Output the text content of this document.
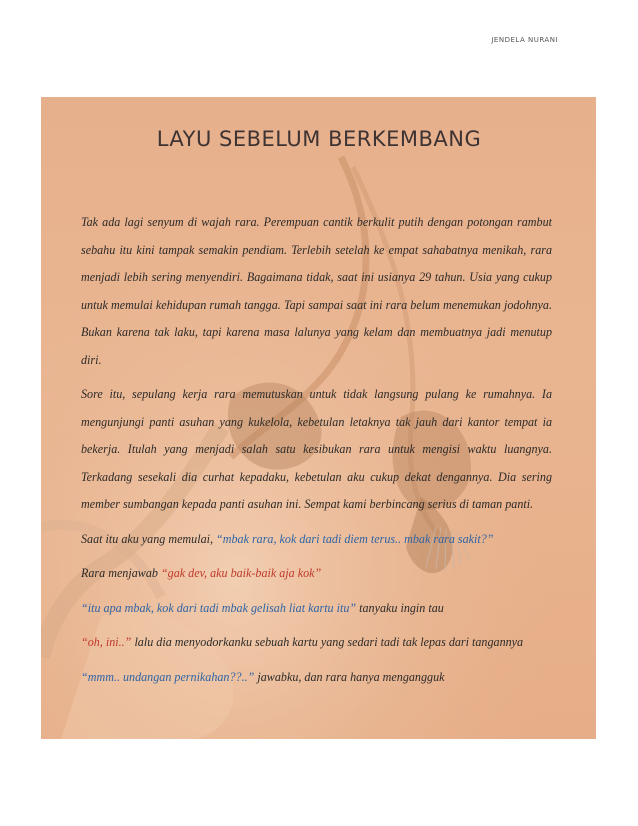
JENDELA NURANI
LAYU SEBELUM BERKEMBANG

Tak ada lagi senyum di wajah rara. Perempuan cantik berkulit putih dengan potongan rambut sebahu itu kini tampak semakin pendiam. Terlebih setelah ke empat sahabatnya menikah, rara menjadi lebih sering menyendiri. Bagaimana tidak, saat ini usianya 29 tahun. Usia yang cukup untuk memulai kehidupan rumah tangga. Tapi sampai saat ini rara belum menemukan jodohnya. Bukan karena tak laku, tapi karena masa lalunya yang kelam dan membuatnya jadi menutup diri.

Sore itu, sepulang kerja rara memutuskan untuk tidak langsung pulang ke rumahnya. Ia mengunjungi panti asuhan yang kukelola, kebetulan letaknya tak jauh dari kantor tempat ia bekerja. Itulah yang menjadi salah satu kesibukan rara untuk mengisi waktu luangnya. Terkadang sesekali dia curhat kepadaku, kebetulan aku cukup dekat dengannya. Dia sering member sumbangan kepada panti asuhan ini. Sempat kami berbincang serius di taman panti.

Saat itu aku yang memulai, “mbak rara, kok dari tadi diem terus.. mbak rara sakit?”

Rara menjawab “gak dev, aku baik-baik aja kok”

“itu apa mbak, kok dari tadi mbak gelisah liat kartu itu” tanyaku ingin tau

“oh, ini..” lalu dia menyodorkanku sebuah kartu yang sedari tadi tak lepas dari tangannya

“mmm.. undangan pernikahan??..” jawabku, dan rara hanya mengangguk
